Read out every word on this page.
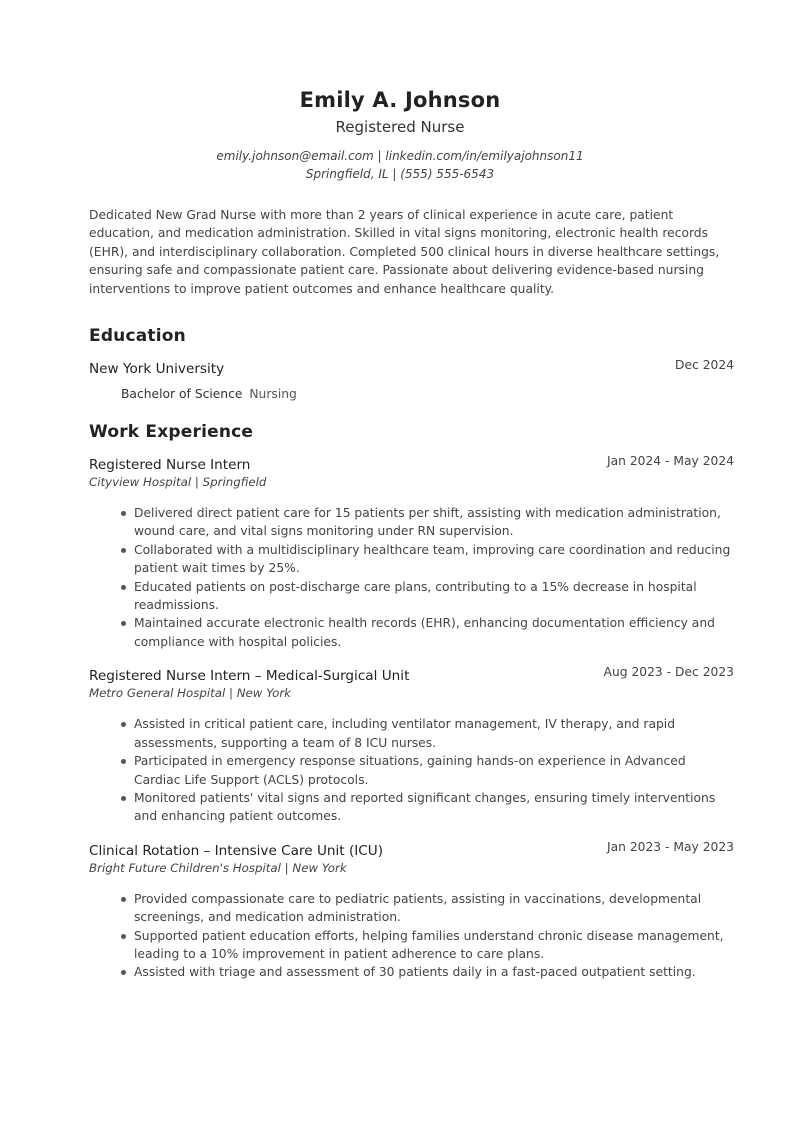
Emily A. Johnson
Registered Nurse
emily.johnson@email.com | linkedin.com/in/emilyajohnson11
Springfield, IL | (555) 555-6543
Dedicated New Grad Nurse with more than 2 years of clinical experience in acute care, patient education, and medication administration. Skilled in vital signs monitoring, electronic health records (EHR), and interdisciplinary collaboration. Completed 500 clinical hours in diverse healthcare settings, ensuring safe and compassionate patient care. Passionate about delivering evidence-based nursing interventions to improve patient outcomes and enhance healthcare quality.
Education
New York University	Dec 2024
Bachelor of Science Nursing
Work Experience
Registered Nurse Intern	Jan 2024 - May 2024
Cityview Hospital | Springfield
Delivered direct patient care for 15 patients per shift, assisting with medication administration, wound care, and vital signs monitoring under RN supervision.
Collaborated with a multidisciplinary healthcare team, improving care coordination and reducing patient wait times by 25%.
Educated patients on post-discharge care plans, contributing to a 15% decrease in hospital readmissions.
Maintained accurate electronic health records (EHR), enhancing documentation efficiency and compliance with hospital policies.
Registered Nurse Intern – Medical-Surgical Unit	Aug 2023 - Dec 2023
Metro General Hospital | New York
Assisted in critical patient care, including ventilator management, IV therapy, and rapid assessments, supporting a team of 8 ICU nurses.
Participated in emergency response situations, gaining hands-on experience in Advanced Cardiac Life Support (ACLS) protocols.
Monitored patients' vital signs and reported significant changes, ensuring timely interventions and enhancing patient outcomes.
Clinical Rotation – Intensive Care Unit (ICU)	Jan 2023 - May 2023
Bright Future Children's Hospital | New York
Provided compassionate care to pediatric patients, assisting in vaccinations, developmental screenings, and medication administration.
Supported patient education efforts, helping families understand chronic disease management, leading to a 10% improvement in patient adherence to care plans.
Assisted with triage and assessment of 30 patients daily in a fast-paced outpatient setting.
